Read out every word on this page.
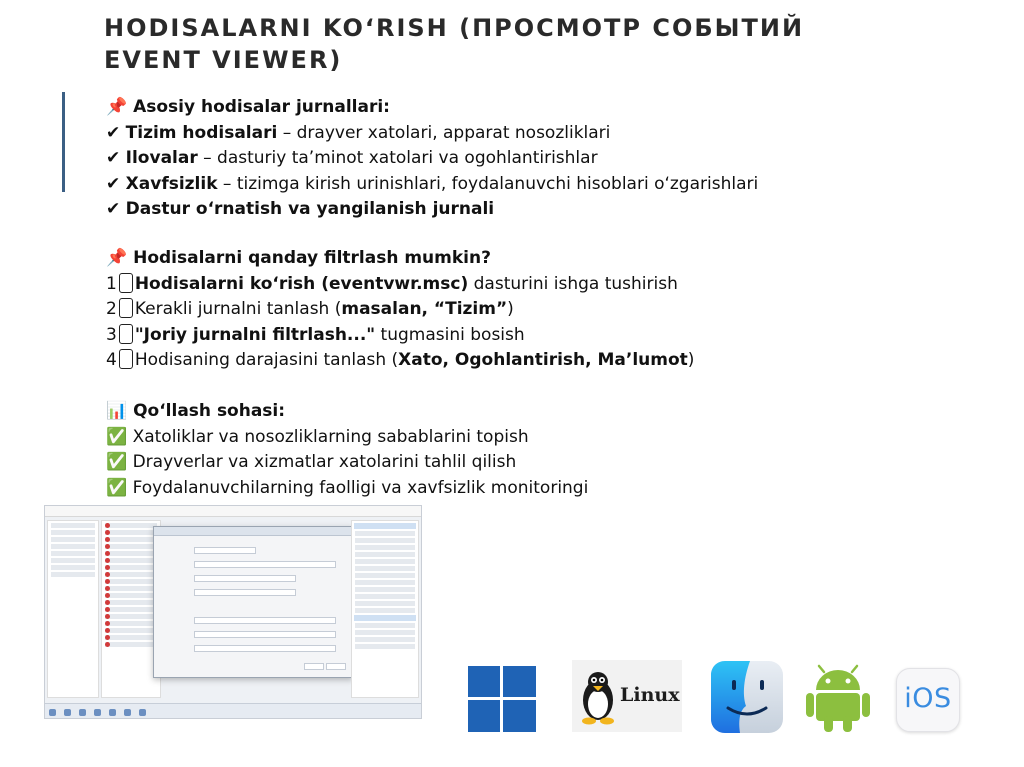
HODISALARNI KO‘RISH (ПРОСМОТР СОБЫТИЙ EVENT VIEWER)
📌 Asosiy hodisalar jurnallari:
✔ Tizim hodisalari – drayver xatolari, apparat nosozliklari
✔ Ilovalar – dasturiy ta’minot xatolari va ogohlantirishlar
✔ Xavfsizlik – tizimga kirish urinishlari, foydalanuvchi hisoblari o‘zgarishlari
✔ Dastur o‘rnatish va yangilanish jurnali
📌 Hodisalarni qanday filtrlash mumkin?
1 Hodisalarni ko‘rish (eventvwr.msc) dasturini ishga tushirish
2 Kerakli jurnalni tanlash (masalan, “Tizim”)
3 "Joriy jurnalni filtrlash..." tugmasini bosish
4 Hodisaning darajasini tanlash (Xato, Ogohlantirish, Ma’lumot)
📊 Qo‘llash sohasi:
✅ Xatoliklar va nosozliklarning sabablarini topish
✅ Drayverlar va xizmatlar xatolarini tahlil qilish
✅ Foydalanuvchilarning faolligi va xavfsizlik monitoringi
Linux	iOS
